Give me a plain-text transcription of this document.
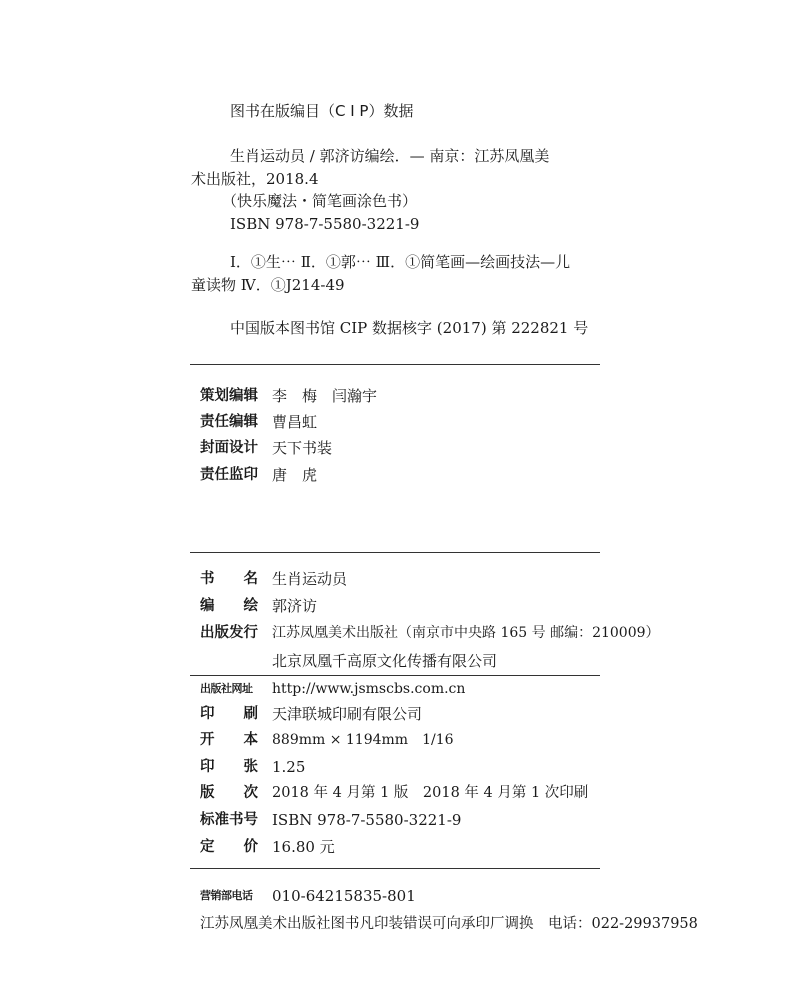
图书在版编目（C I P）数据
生肖运动员 / 郭济访编绘．— 南京：江苏凤凰美
术出版社，2018.4
（快乐魔法・简笔画涂色书）
ISBN 978-7-5580-3221-9
Ⅰ．①生⋯ Ⅱ．①郭⋯ Ⅲ．①简笔画—绘画技法—儿
童读物 Ⅳ．①J214-49
中国版本图书馆 CIP 数据核字 (2017) 第 222821 号
策划编辑 李　梅　闫瀚宇
责任编辑 曹昌虹
封面设计 天下书装
责任监印 唐　虎
书　　名 生肖运动员
编　　绘 郭济访
出版发行 江苏凤凰美术出版社（南京市中央路 165 号 邮编：210009）
北京凤凰千高原文化传播有限公司
出版社网址 http://www.jsmscbs.com.cn
印　　刷 天津联城印刷有限公司
开　　本 889mm × 1194mm　1/16
印　　张 1.25
版　　次 2018 年 4 月第 1 版　2018 年 4 月第 1 次印刷
标准书号 ISBN 978-7-5580-3221-9
定　　价 16.80 元
营销部电话 010-64215835-801
江苏凤凰美术出版社图书凡印装错误可向承印厂调换　电话：022-29937958
